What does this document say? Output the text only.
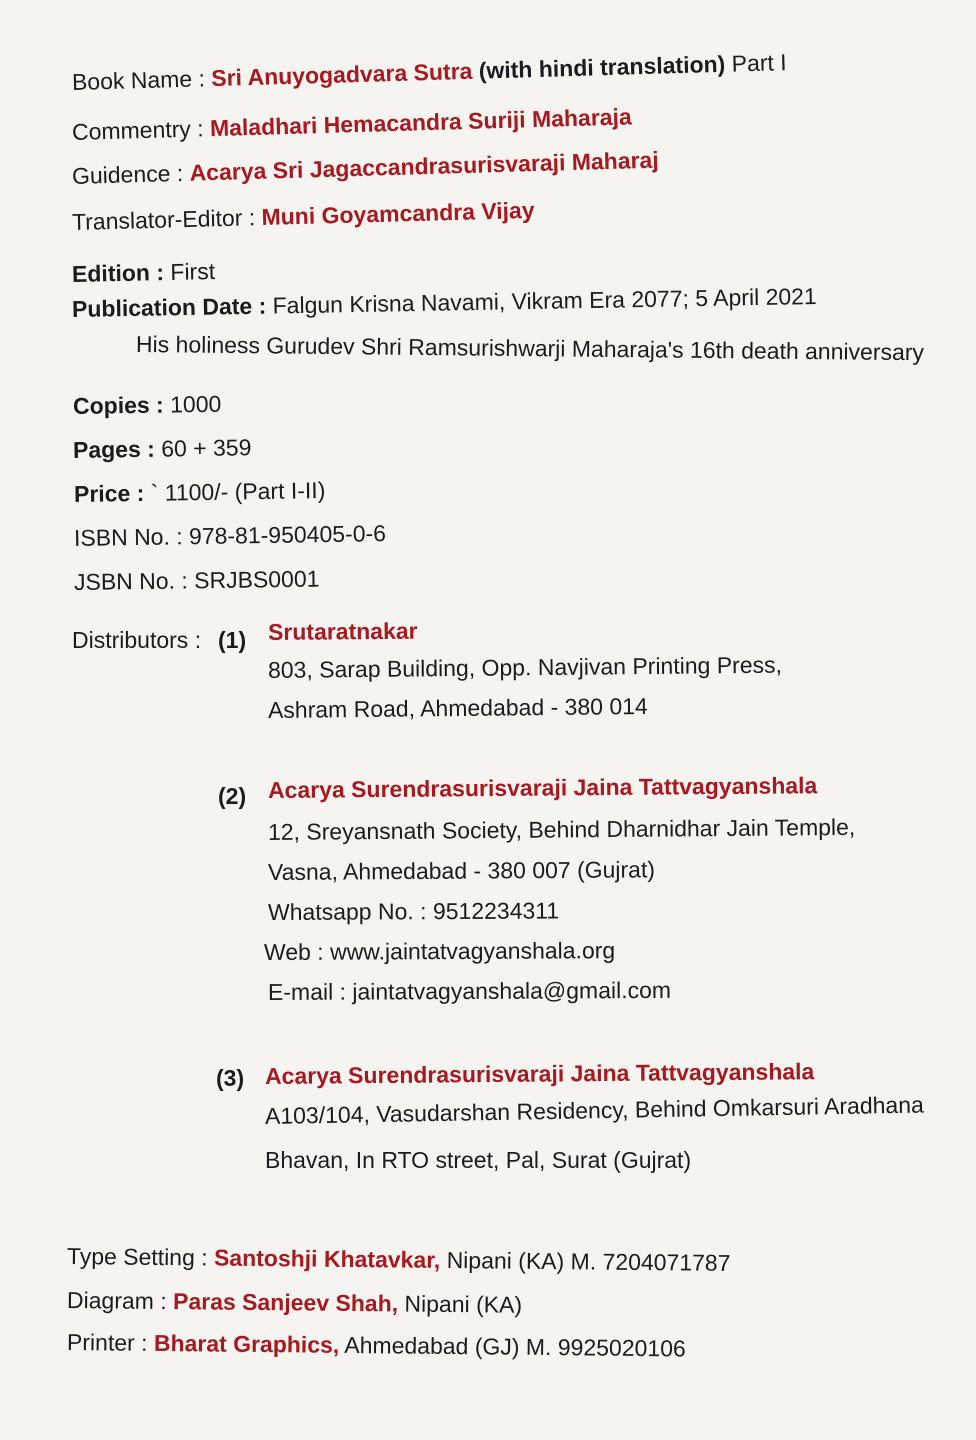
Book Name : Sri Anuyogadvara Sutra (with hindi translation) Part I
Commentry : Maladhari Hemacandra Suriji Maharaja
Guidence : Acarya Sri Jagaccandrasurisvaraji Maharaj
Translator-Editor : Muni Goyamcandra Vijay
Edition : First
Publication Date : Falgun Krisna Navami, Vikram Era 2077; 5 April 2021
His holiness Gurudev Shri Ramsurishwarji Maharaja's 16th death anniversary
Copies : 1000
Pages : 60 + 359
Price : ` 1100/- (Part I-II)
ISBN No. : 978-81-950405-0-6
JSBN No. : SRJBS0001
Distributors : (1) Srutaratnakar
803, Sarap Building, Opp. Navjivan Printing Press,
Ashram Road, Ahmedabad - 380 014
(2) Acarya Surendrasurisvaraji Jaina Tattvagyanshala
12, Sreyansnath Society, Behind Dharnidhar Jain Temple,
Vasna, Ahmedabad - 380 007 (Gujrat)
Whatsapp No. : 9512234311
Web : www.jaintatvagyanshala.org
E-mail : jaintatvagyanshala@gmail.com
(3) Acarya Surendrasurisvaraji Jaina Tattvagyanshala
A103/104, Vasudarshan Residency, Behind Omkarsuri Aradhana
Bhavan, In RTO street, Pal, Surat (Gujrat)
Type Setting : Santoshji Khatavkar, Nipani (KA) M. 7204071787
Diagram : Paras Sanjeev Shah, Nipani (KA)
Printer : Bharat Graphics, Ahmedabad (GJ) M. 9925020106
